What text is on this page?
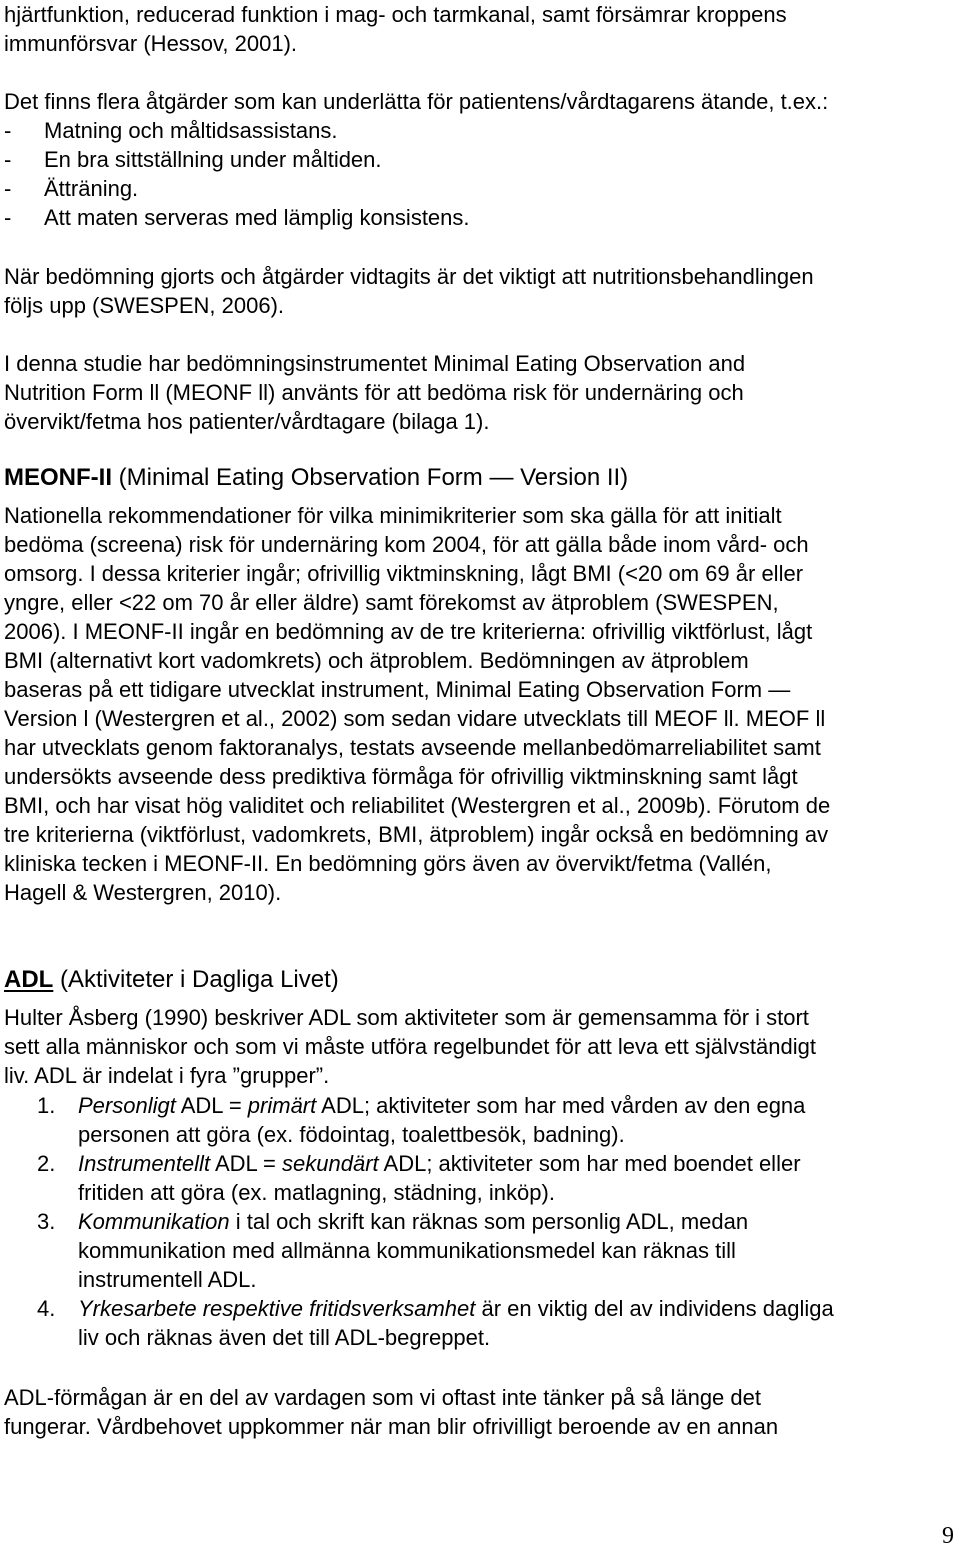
hjärtfunktion, reducerad funktion i mag- och tarmkanal, samt försämrar kroppens
immunförsvar (Hessov, 2001).

Det finns flera åtgärder som kan underlätta för patientens/vårdtagarens ätande, t.ex.:

- Matning och måltidsassistans.
- En bra sittställning under måltiden.
- Ätträning.
- Att maten serveras med lämplig konsistens.

När bedömning gjorts och åtgärder vidtagits är det viktigt att nutritionsbehandlingen
följs upp (SWESPEN, 2006).

I denna studie har bedömningsinstrumentet Minimal Eating Observation and
Nutrition Form ll (MEONF ll) använts för att bedöma risk för undernäring och
övervikt/fetma hos patienter/vårdtagare (bilaga 1).

MEONF-II (Minimal Eating Observation Form — Version II)

Nationella rekommendationer för vilka minimikriterier som ska gälla för att initialt
bedöma (screena) risk för undernäring kom 2004, för att gälla både inom vård- och
omsorg. I dessa kriterier ingår; ofrivillig viktminskning, lågt BMI (<20 om 69 år eller
yngre, eller <22 om 70 år eller äldre) samt förekomst av ätproblem (SWESPEN,
2006). I MEONF-II ingår en bedömning av de tre kriterierna: ofrivillig viktförlust, lågt
BMI (alternativt kort vadomkrets) och ätproblem. Bedömningen av ätproblem
baseras på ett tidigare utvecklat instrument, Minimal Eating Observation Form —
Version l (Westergren et al., 2002) som sedan vidare utvecklats till MEOF ll. MEOF ll
har utvecklats genom faktoranalys, testats avseende mellanbedömarreliabilitet samt
undersökts avseende dess prediktiva förmåga för ofrivillig viktminskning samt lågt
BMI, och har visat hög validitet och reliabilitet (Westergren et al., 2009b). Förutom de
tre kriterierna (viktförlust, vadomkrets, BMI, ätproblem) ingår också en bedömning av
kliniska tecken i MEONF-II. En bedömning görs även av övervikt/fetma (Vallén,
Hagell & Westergren, 2010).

ADL (Aktiviteter i Dagliga Livet)

Hulter Åsberg (1990) beskriver ADL som aktiviteter som är gemensamma för i stort
sett alla människor och som vi måste utföra regelbundet för att leva ett självständigt
liv. ADL är indelat i fyra ”grupper”.

1. Personligt ADL = primärt ADL; aktiviteter som har med vården av den egna
personen att göra (ex. födointag, toalettbesök, badning).
2. Instrumentellt ADL = sekundärt ADL; aktiviteter som har med boendet eller
fritiden att göra (ex. matlagning, städning, inköp).
3. Kommunikation i tal och skrift kan räknas som personlig ADL, medan
kommunikation med allmänna kommunikationsmedel kan räknas till
instrumentell ADL.
4. Yrkesarbete respektive fritidsverksamhet är en viktig del av individens dagliga
liv och räknas även det till ADL-begreppet.

ADL-förmågan är en del av vardagen som vi oftast inte tänker på så länge det
fungerar. Vårdbehovet uppkommer när man blir ofrivilligt beroende av en annan

9
